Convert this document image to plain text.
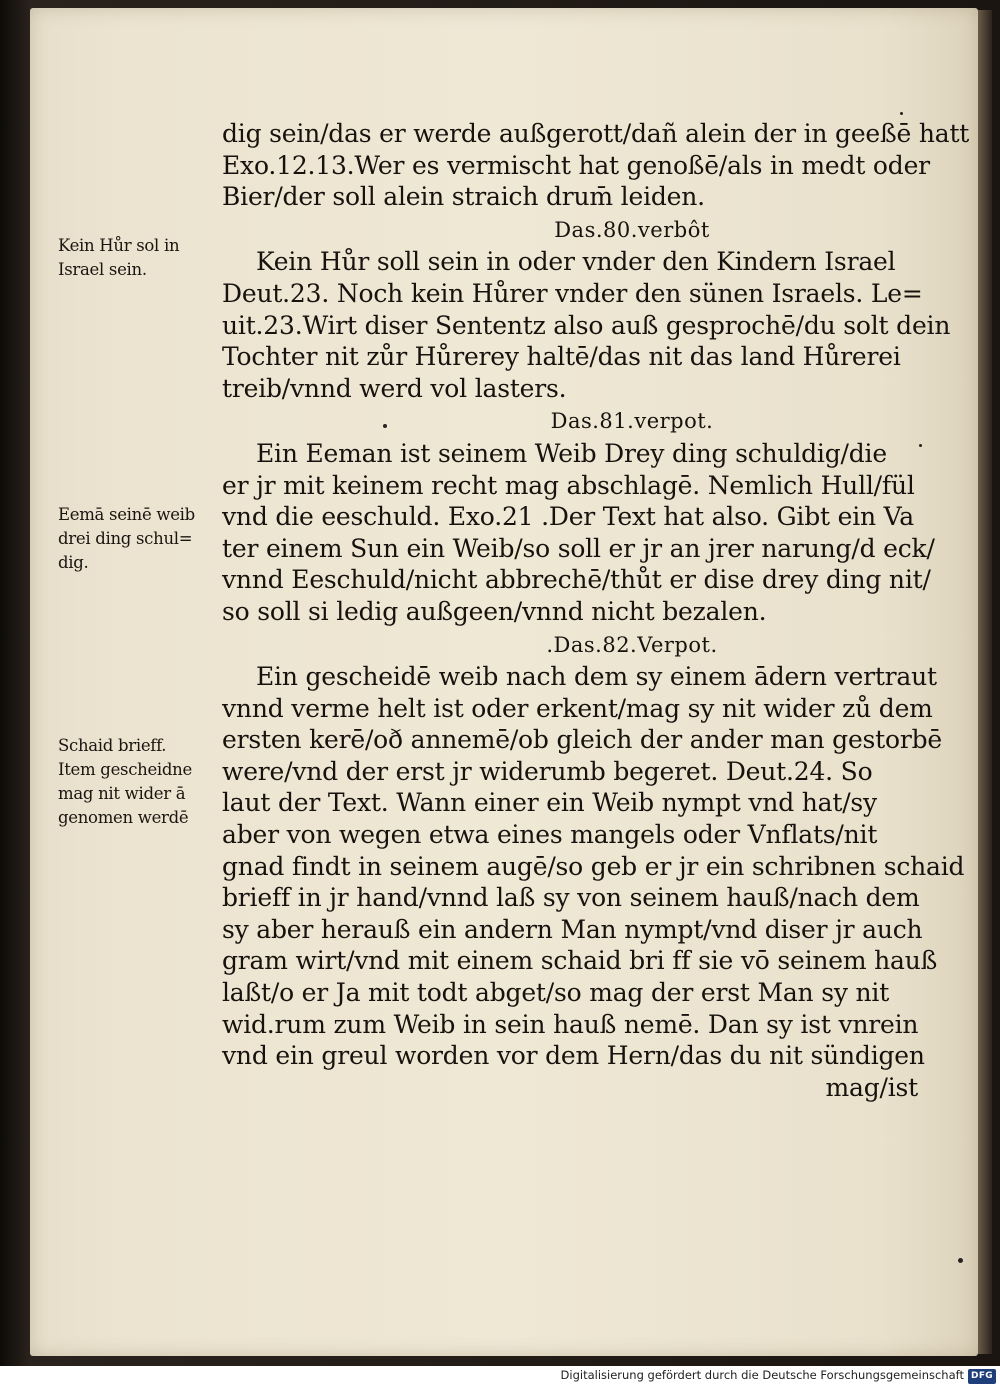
dig sein/das er werde außgerott/dañ alein der in geeßē hatt
Exo.12.13.Wer es vermischt hat genoßē/als in medt oder
Bier/der soll alein straich drum̄ leiden.
Das.80.verbôt
Kein Hůr soll sein in oder vnder den Kindern Israel
Deut.23. Noch kein Hůrer vnder den sünen Israels. Le=
uit.23.Wirt diser Sententz also auß gesprochē/du solt dein
Tochter nit zůr Hůrerey haltē/das nit das land Hůrerei
treib/vnnd werd vol lasters.
Das.81.verpot.
Ein Eeman ist seinem Weib Drey ding schuldig/die
er jr mit keinem recht mag abschlagē. Nemlich Hull/fül
vnd die eeschuld. Exo.21 .Der Text hat also. Gibt ein Va
ter einem Sun ein Weib/so soll er jr an jrer narung/d eck/
vnnd Eeschuld/nicht abbrechē/thůt er dise drey ding nit/
so soll si ledig außgeen/vnnd nicht bezalen.
.Das.82.Verpot.
Ein gescheidē weib nach dem sy einem ādern vertraut
vnnd verme helt ist oder erkent/mag sy nit wider zů dem
ersten kerē/oð annemē/ob gleich der ander man gestorbē
were/vnd der erst jr widerumb begeret. Deut.24. So
laut der Text. Wann einer ein Weib nympt vnd hat/sy
aber von wegen etwa eines mangels oder Vnflats/nit
gnad findt in seinem augē/so geb er jr ein schribnen schaid
brieff in jr hand/vnnd laß sy von seinem hauß/nach dem
sy aber herauß ein andern Man nympt/vnd diser jr auch
gram wirt/vnd mit einem schaid bri ff sie vō seinem hauß
laßt/o er Ja mit todt abget/so mag der erst Man sy nit
wid.rum zum Weib in sein hauß nemē. Dan sy ist vnrein
vnd ein greul worden vor dem Hern/das du nit sündigen
mag/ist
Kein Hůr sol in
Israel sein.
Eemā seinē weib
drei ding schul=
dig.
Schaid brieff.
Item gescheidne
mag nit wider ā
genomen werdē
Digitalisierung gefördert durch die Deutsche Forschungsgemeinschaft DFG
